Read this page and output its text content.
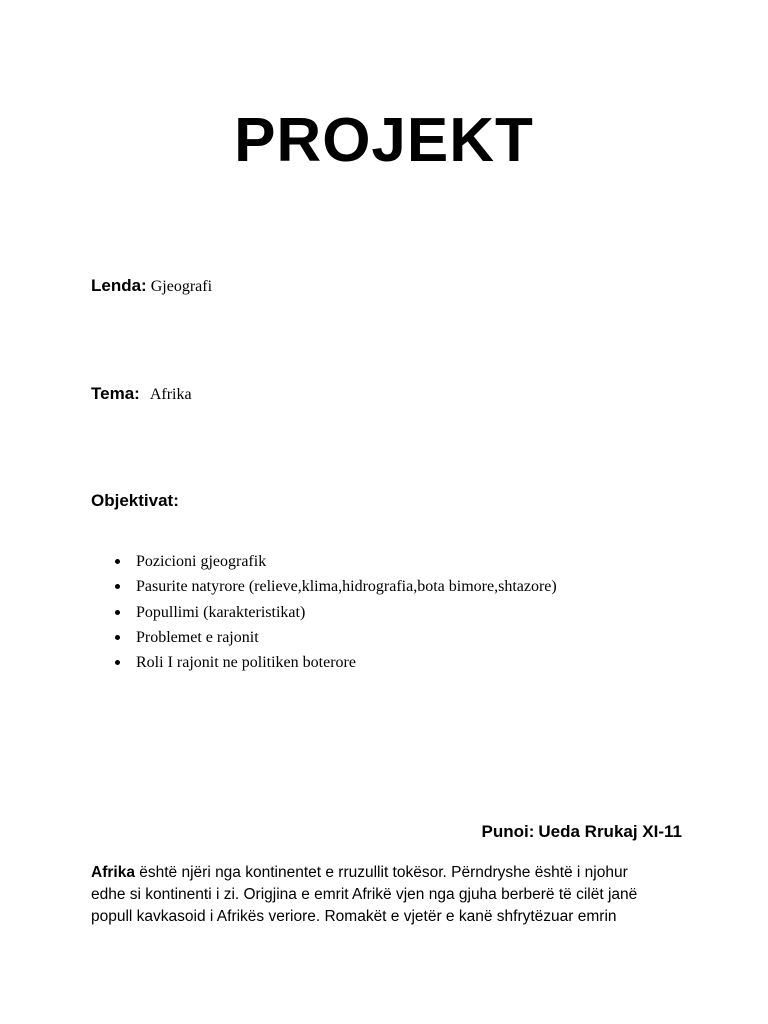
PROJEKT
Lenda: Gjeografi
Tema: Afrika
Objektivat:
Pozicioni gjeografik
Pasurite natyrore (relieve,klima,hidrografia,bota bimore,shtazore)
Popullimi (karakteristikat)
Problemet e rajonit
Roli I rajonit ne politiken boterore
Punoi: Ueda Rrukaj XI-11
Afrika është njëri nga kontinentet e rruzullit tokësor. Përndryshe është i njohur
edhe si kontinenti i zi. Origjina e emrit Afrikë vjen nga gjuha berberë të cilët janë
popull kavkasoid i Afrikës veriore. Romakët e vjetër e kanë shfrytëzuar emrin
